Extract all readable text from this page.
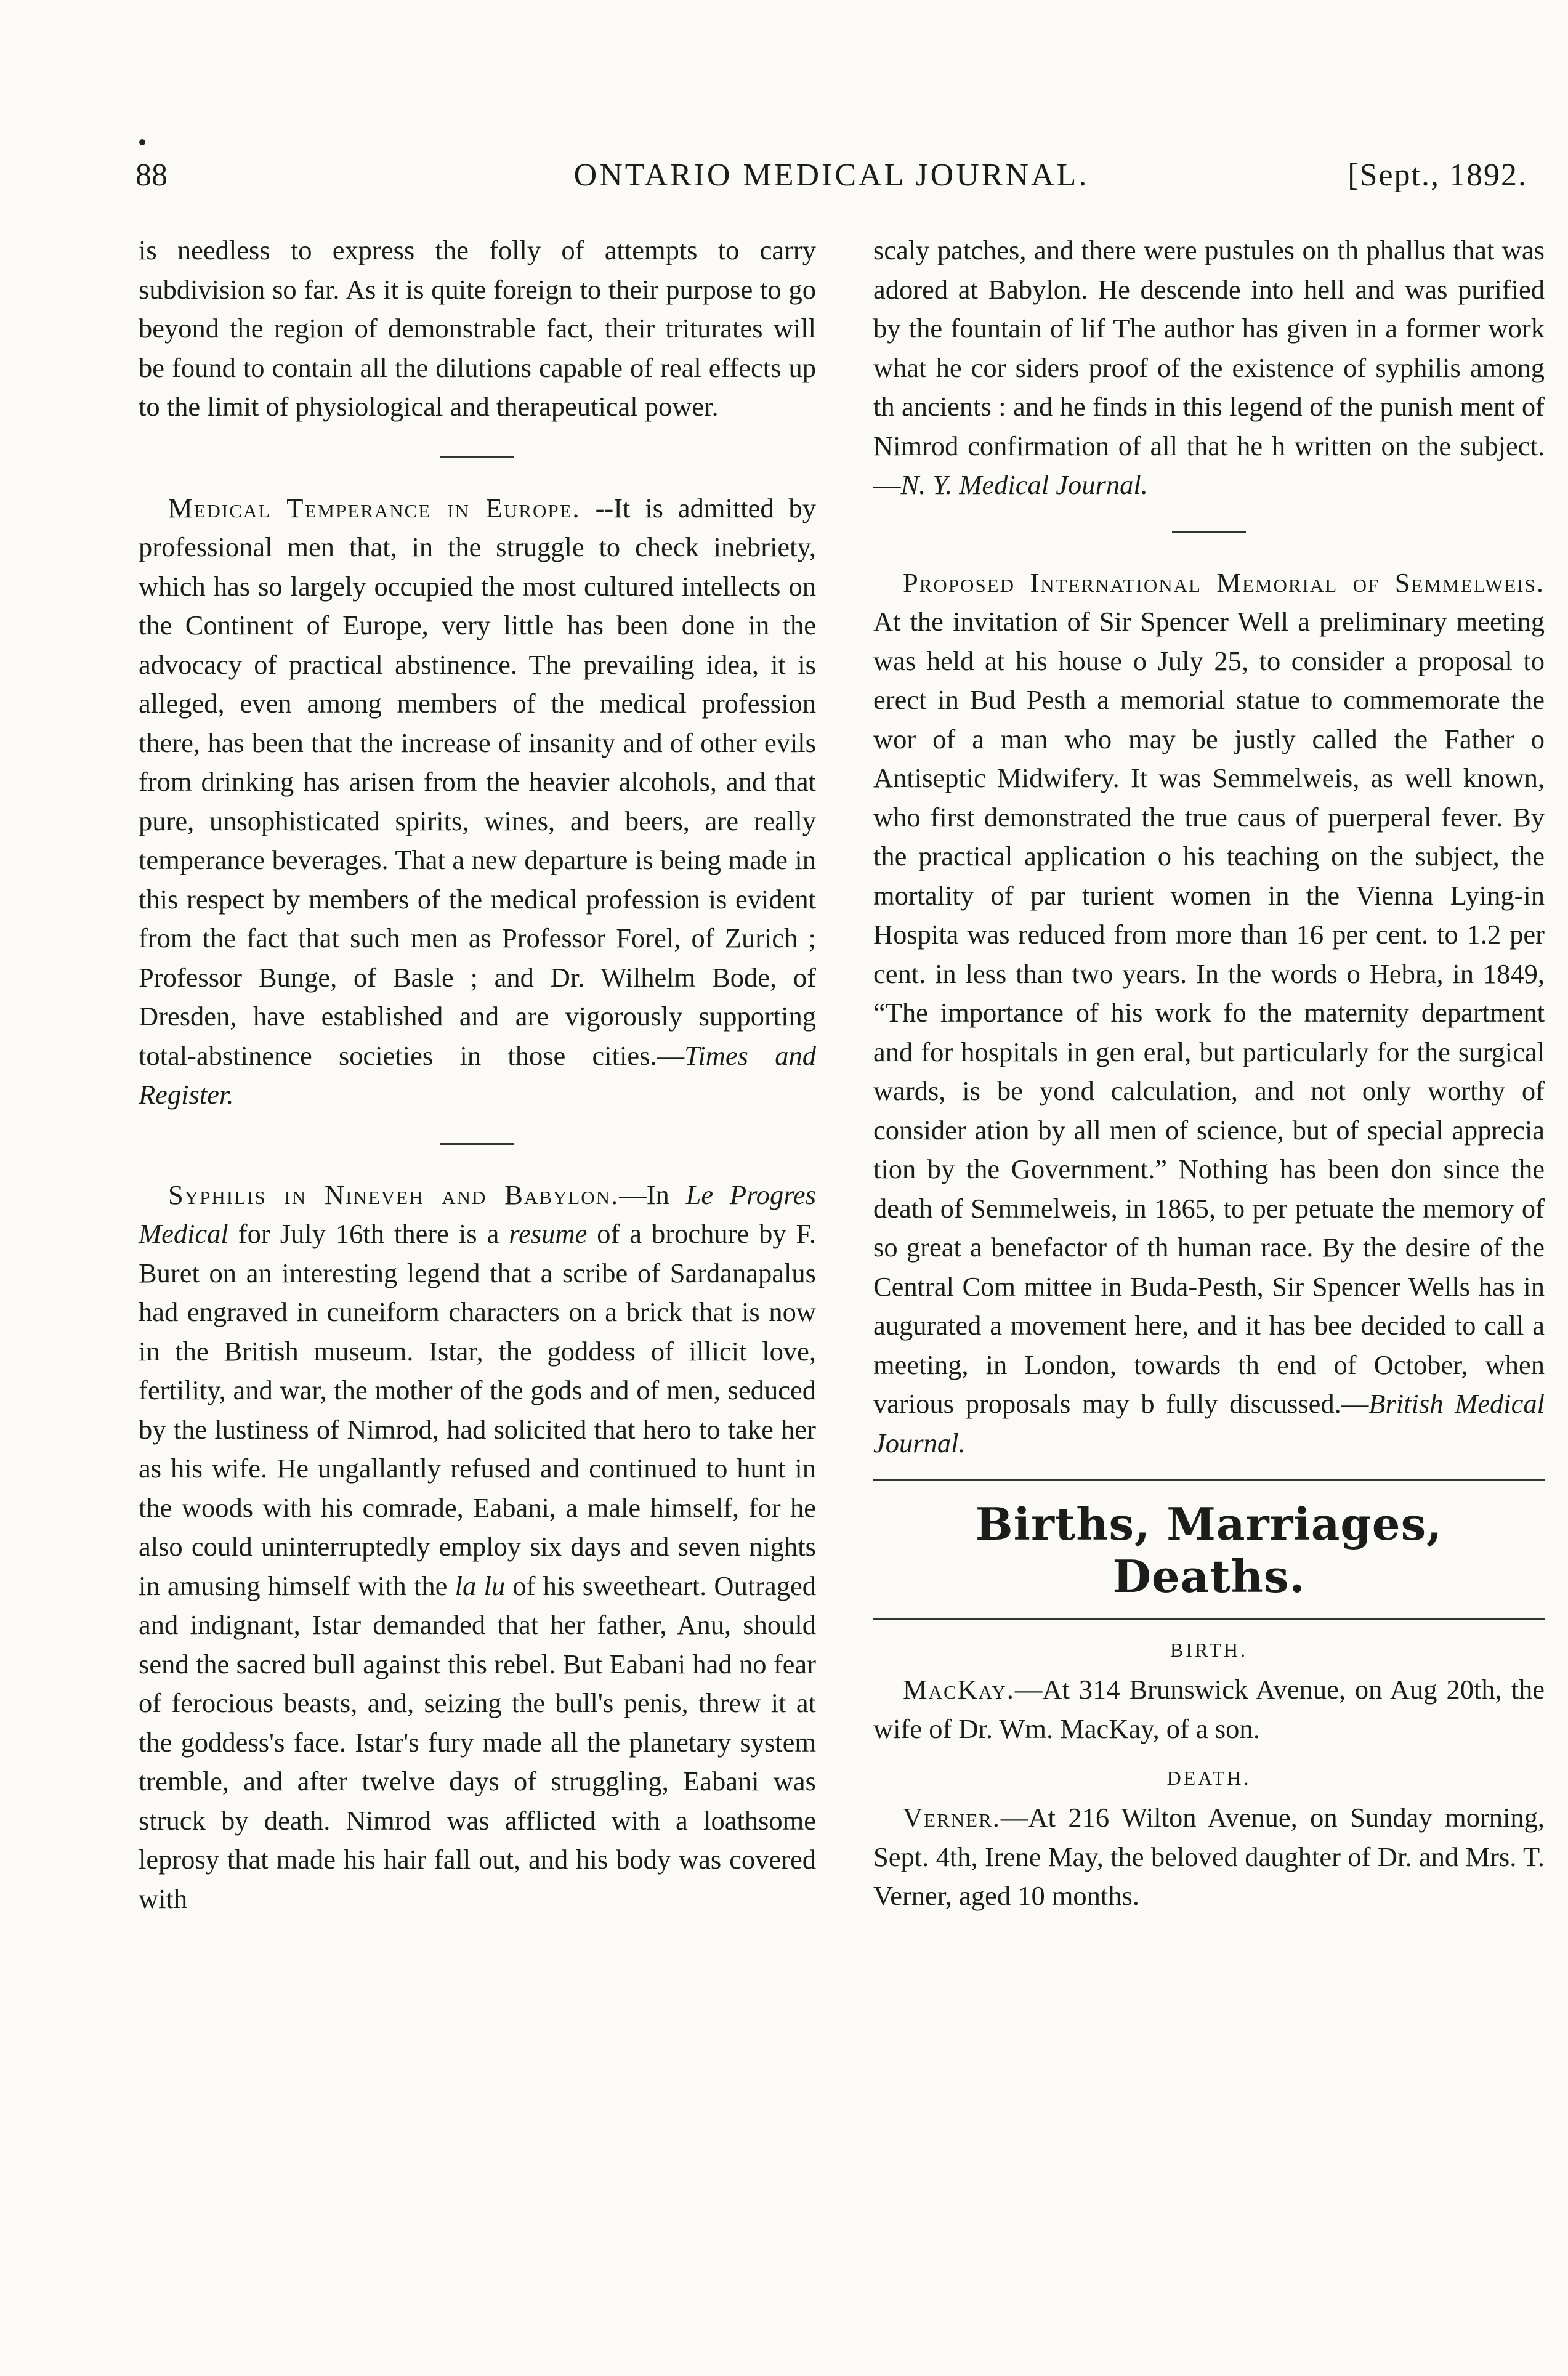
88	ONTARIO MEDICAL JOURNAL.	[Sept., 1892.

is needless to express the folly of attempts to carry subdivision so far. As it is quite foreign to their purpose to go beyond the region of demonstrable fact, their triturates will be found to contain all the dilutions capable of real effects up to the limit of physiological and therapeutical power.

Medical Temperance in Europe. --It is admitted by professional men that, in the struggle to check inebriety, which has so largely occupied the most cultured intellects on the Continent of Europe, very little has been done in the advocacy of practical abstinence. The prevailing idea, it is alleged, even among members of the medical profession there, has been that the increase of insanity and of other evils from drinking has arisen from the heavier alcohols, and that pure, unsophisticated spirits, wines, and beers, are really temperance beverages. That a new departure is being made in this respect by members of the medical profession is evident from the fact that such men as Professor Forel, of Zurich ; Professor Bunge, of Basle ; and Dr. Wilhelm Bode, of Dresden, have established and are vigorously supporting total-abstinence societies in those cities.—Times and Register.

Syphilis in Nineveh and Babylon.—In Le Progres Medical for July 16th there is a resume of a brochure by F. Buret on an interesting legend that a scribe of Sardanapalus had engraved in cuneiform characters on a brick that is now in the British museum. Istar, the goddess of illicit love, fertility, and war, the mother of the gods and of men, seduced by the lustiness of Nimrod, had solicited that hero to take her as his wife. He ungallantly refused and continued to hunt in the woods with his comrade, Eabani, a male himself, for he also could uninterruptedly employ six days and seven nights in amusing himself with the la lu of his sweetheart. Outraged and indignant, Istar demanded that her father, Anu, should send the sacred bull against this rebel. But Eabani had no fear of ferocious beasts, and, seizing the bull's penis, threw it at the goddess's face. Istar's fury made all the planetary system tremble, and after twelve days of struggling, Eabani was struck by death. Nimrod was afflicted with a loathsome leprosy that made his hair fall out, and his body was covered with

scaly patches, and there were pustules on th phallus that was adored at Babylon. He descende into hell and was purified by the fountain of lif The author has given in a former work what he cor siders proof of the existence of syphilis among th ancients : and he finds in this legend of the punish ment of Nimrod confirmation of all that he h written on the subject.—N. Y. Medical Journal.

Proposed International Memorial of Semmelweis. At the invitation of Sir Spencer Well a preliminary meeting was held at his house o July 25, to consider a proposal to erect in Bud Pesth a memorial statue to commemorate the wor of a man who may be justly called the Father o Antiseptic Midwifery. It was Semmelweis, as well known, who first demonstrated the true caus of puerperal fever. By the practical application o his teaching on the subject, the mortality of par turient women in the Vienna Lying-in Hospita was reduced from more than 16 per cent. to 1.2 per cent. in less than two years. In the words o Hebra, in 1849, “The importance of his work fo the maternity department and for hospitals in gen eral, but particularly for the surgical wards, is be yond calculation, and not only worthy of consider ation by all men of science, but of special apprecia tion by the Government.” Nothing has been don since the death of Semmelweis, in 1865, to per petuate the memory of so great a benefactor of th human race. By the desire of the Central Com mittee in Buda-Pesth, Sir Spencer Wells has in augurated a movement here, and it has bee decided to call a meeting, in London, towards th end of October, when various proposals may b fully discussed.—British Medical Journal.

Births, Marriages, Deaths.
BIRTH.

MacKay.—At 314 Brunswick Avenue, on Aug 20th, the wife of Dr. Wm. MacKay, of a son.

DEATH.

Verner.—At 216 Wilton Avenue, on Sunday morning, Sept. 4th, Irene May, the beloved daughter of Dr. and Mrs. T. Verner, aged 10 months.
